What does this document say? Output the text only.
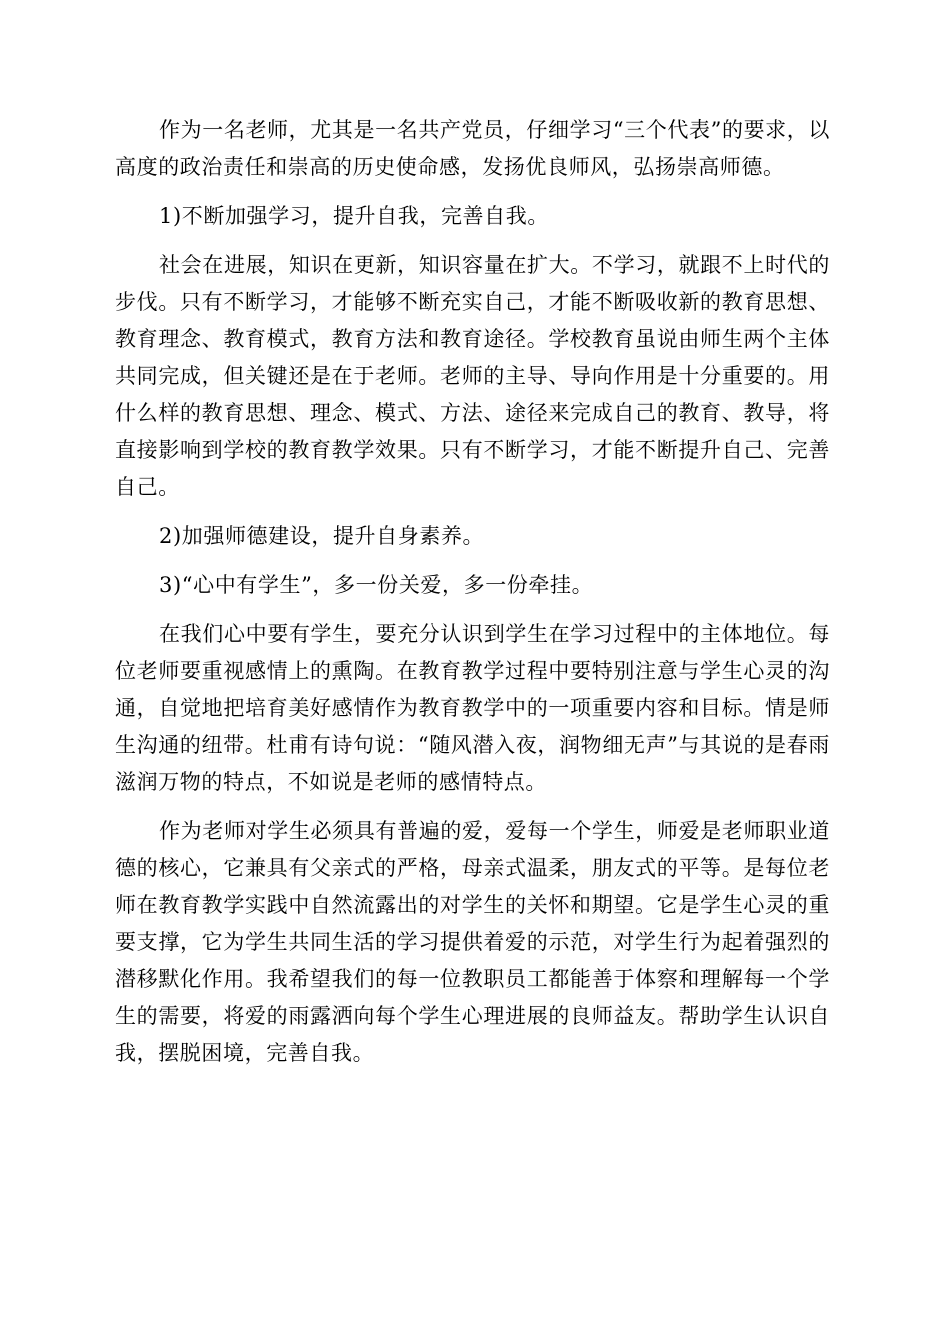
作为一名老师，尤其是一名共产党员，仔细学习“三个代表”的要求，以高度的政治责任和崇高的历史使命感，发扬优良师风，弘扬崇高师德。

1)不断加强学习，提升自我，完善自我。

社会在进展，知识在更新，知识容量在扩大。不学习，就跟不上时代的步伐。只有不断学习，才能够不断充实自己，才能不断吸收新的教育思想、教育理念、教育模式，教育方法和教育途径。学校教育虽说由师生两个主体共同完成，但关键还是在于老师。老师的主导、导向作用是十分重要的。用什么样的教育思想、理念、模式、方法、途径来完成自己的教育、教导，将直接影响到学校的教育教学效果。只有不断学习，才能不断提升自己、完善自己。

2)加强师德建设，提升自身素养。

3)“心中有学生”，多一份关爱，多一份牵挂。

在我们心中要有学生，要充分认识到学生在学习过程中的主体地位。每位老师要重视感情上的熏陶。在教育教学过程中要特别注意与学生心灵的沟通，自觉地把培育美好感情作为教育教学中的一项重要内容和目标。情是师生沟通的纽带。杜甫有诗句说：“随风潜入夜，润物细无声”与其说的是春雨滋润万物的特点，不如说是老师的感情特点。

作为老师对学生必须具有普遍的爱，爱每一个学生，师爱是老师职业道德的核心，它兼具有父亲式的严格，母亲式温柔，朋友式的平等。是每位老师在教育教学实践中自然流露出的对学生的关怀和期望。它是学生心灵的重要支撑，它为学生共同生活的学习提供着爱的示范，对学生行为起着强烈的潜移默化作用。我希望我们的每一位教职员工都能善于体察和理解每一个学生的需要，将爱的雨露洒向每个学生心理进展的良师益友。帮助学生认识自我，摆脱困境，完善自我。
